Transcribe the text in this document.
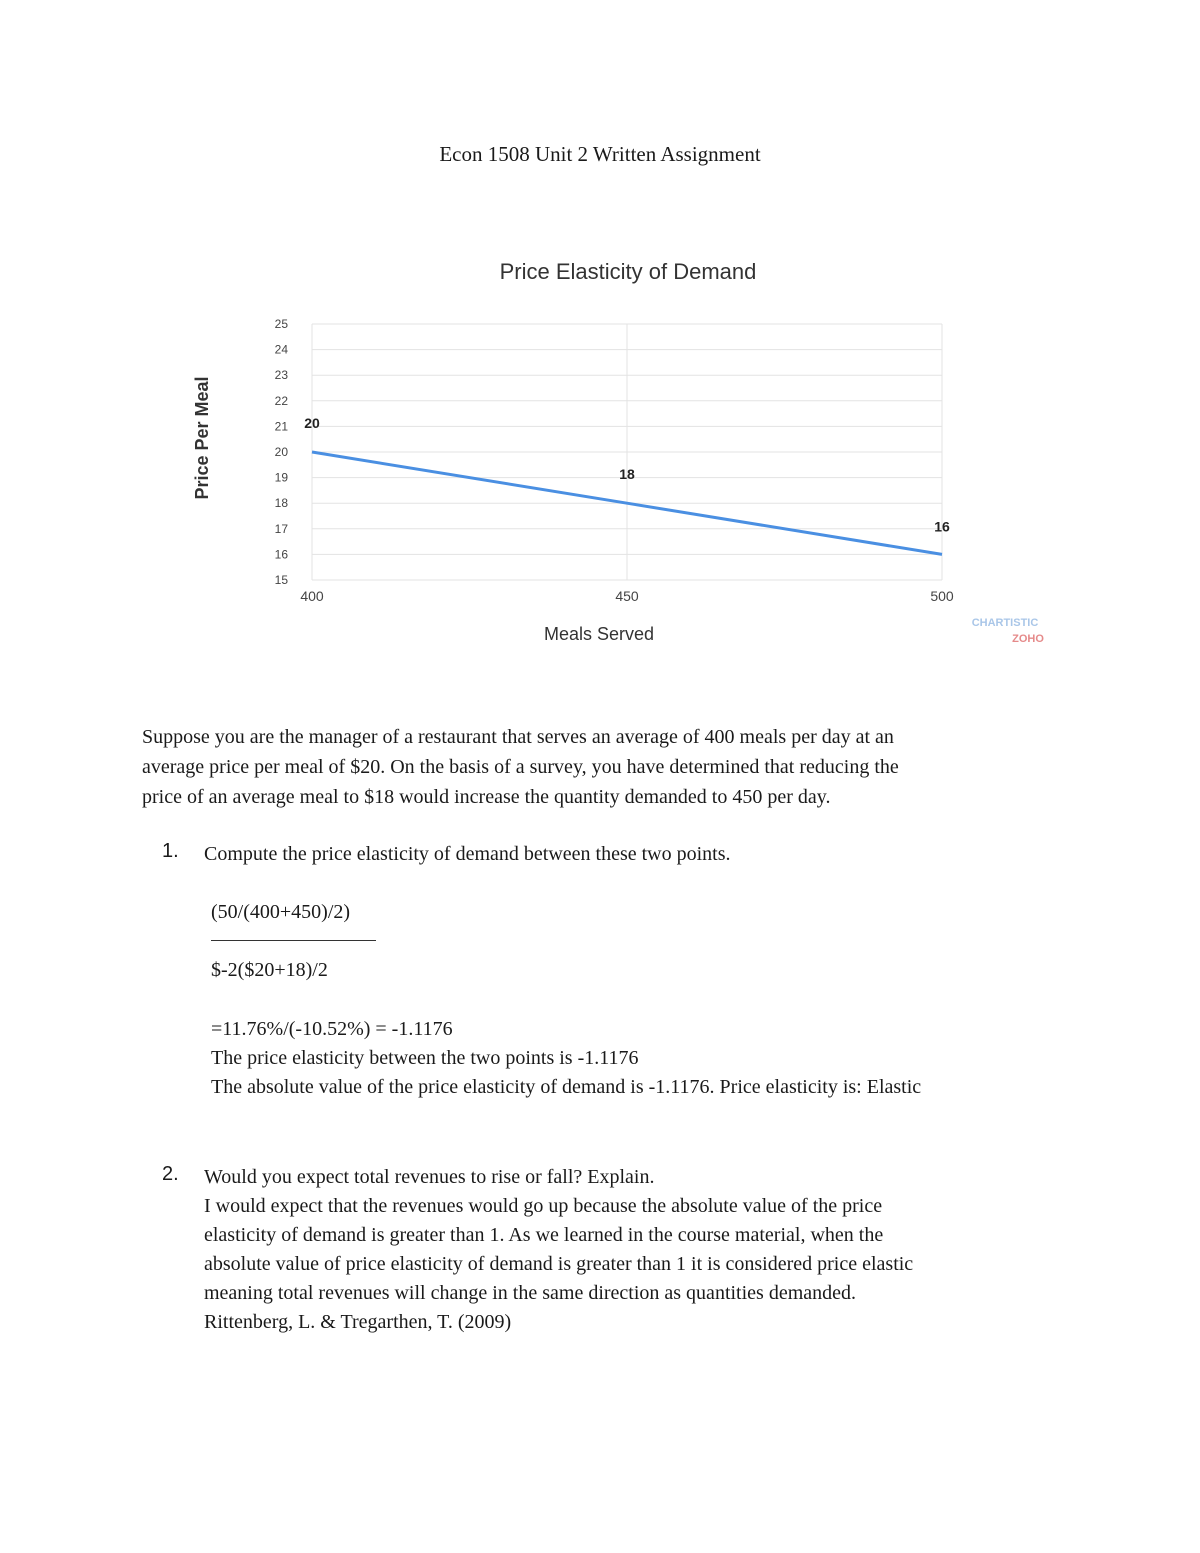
Econ 1508 Unit 2 Written Assignment
Price Elasticity of Demand
15
16
17
18
19
20
21
22
23
24
25
400	450	500
20
18
16
Meals Served
Price Per Meal
CHARTISTIC
ZOHO
Suppose you are the manager of a restaurant that serves an average of 400 meals per day at an
average price per meal of $20. On the basis of a survey, you have determined that reducing the
price of an average meal to $18 would increase the quantity demanded to 450 per day.
1. Compute the price elasticity of demand between these two points.
(50/(400+450)/2)
$-2($20+18)/2
=11.76%/(-10.52%) = -1.1176
The price elasticity between the two points is -1.1176
The absolute value of the price elasticity of demand is -1.1176. Price elasticity is: Elastic
2. Would you expect total revenues to rise or fall? Explain.
I would expect that the revenues would go up because the absolute value of the price
elasticity of demand is greater than 1. As we learned in the course material, when the
absolute value of price elasticity of demand is greater than 1 it is considered price elastic
meaning total revenues will change in the same direction as quantities demanded.
Rittenberg, L. & Tregarthen, T. (2009)
